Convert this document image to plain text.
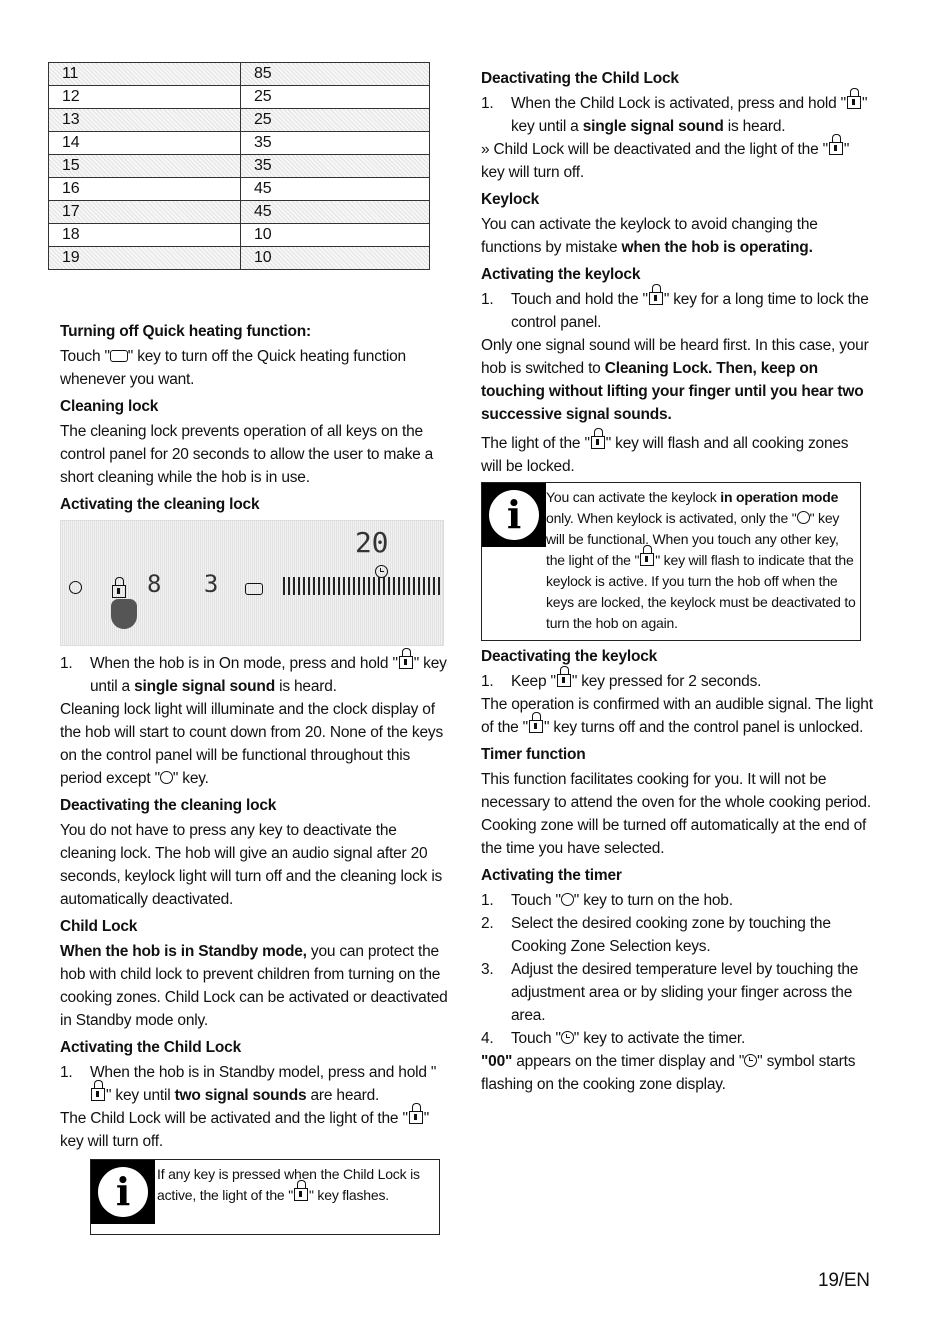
11	85
12	25
13	25
14	35
15	35
16	45
17	45
18	10
19	10

Turning off Quick heating function:

Touch " " key to turn off the Quick heating function whenever you want.

Cleaning lock

The cleaning lock prevents operation of all keys on the control panel for 20 seconds to allow the user to make a short cleaning while the hob is in use.

Activating the cleaning lock

20
8 3
1.	When the hob is in On mode, press and hold " " key until a single signal sound is heard.

Cleaning lock light will illuminate and the clock display of the hob will start to count down from 20. None of the keys on the control panel will be functional throughout this period except " " key.

Deactivating the cleaning lock

You do not have to press any key to deactivate the cleaning lock. The hob will give an audio signal after 20 seconds, keylock light will turn off and the cleaning lock is automatically deactivated.

Child Lock

When the hob is in Standby mode, you can protect the hob with child lock to prevent children from turning on the cooking zones. Child Lock can be activated or deactivated in Standby mode only.

Activating the Child Lock

1.	When the hob is in Standby model, press and hold "" key until two signal sounds are heard.

The Child Lock will be activated and the light of the " " key will turn off.

i	If any key is pressed when the Child Lock is active, the light of the " " key flashes.

Deactivating the Child Lock

1.	When the Child Lock is activated, press and hold " " key until a single signal sound is heard.

» Child Lock will be deactivated and the light of the " " key will turn off.

Keylock

You can activate the keylock to avoid changing the functions by mistake when the hob is operating.

Activating the keylock

1.	Touch and hold the " " key for a long time to lock the control panel.

Only one signal sound will be heard first. In this case, your hob is switched to Cleaning Lock. Then, keep on touching without lifting your finger until you hear two successive signal sounds.

The light of the " " key will flash and all cooking zones will be locked.

i	You can activate the keylock in operation mode only. When keylock is activated, only the " " key will be functional. When you touch any other key, the light of the " " key will flash to indicate that the keylock is active. If you turn the hob off when the keys are locked, the keylock must be deactivated to turn the hob on again.

Deactivating the keylock

1.	Keep " " key pressed for 2 seconds.

The operation is confirmed with an audible signal. The light of the " " key turns off and the control panel is unlocked.

Timer function

This function facilitates cooking for you. It will not be necessary to attend the oven for the whole cooking period. Cooking zone will be turned off automatically at the end of the time you have selected.

Activating the timer

1.	Touch " " key to turn on the hob.
2.	Select the desired cooking zone by touching the Cooking Zone Selection keys.
3.	Adjust the desired temperature level by touching the adjustment area or by sliding your finger across the area.
4.	Touch " " key to activate the timer.

"00" appears on the timer display and " " symbol starts flashing on the cooking zone display.

19/EN
